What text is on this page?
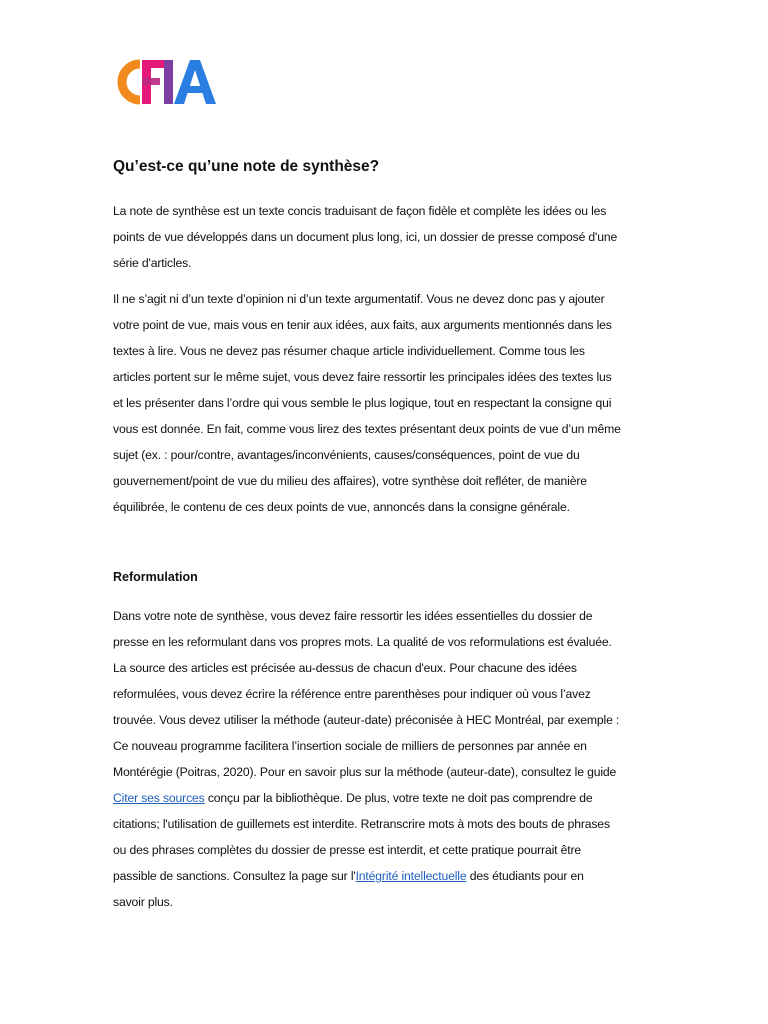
Qu’est-ce qu’une note de synthèse?

La note de synthèse est un texte concis traduisant de façon fidèle et complète les idées ou les

points de vue développés dans un document plus long, ici, un dossier de presse composé d'une

série d'articles.

Il ne s’agit ni d’un texte d’opinion ni d’un texte argumentatif. Vous ne devez donc pas y ajouter

votre point de vue, mais vous en tenir aux idées, aux faits, aux arguments mentionnés dans les

textes à lire. Vous ne devez pas résumer chaque article individuellement. Comme tous les

articles portent sur le même sujet, vous devez faire ressortir les principales idées des textes lus

et les présenter dans l’ordre qui vous semble le plus logique, tout en respectant la consigne qui

vous est donnée. En fait, comme vous lirez des textes présentant deux points de vue d’un même

sujet (ex. : pour/contre, avantages/inconvénients, causes/conséquences, point de vue du

gouvernement/point de vue du milieu des affaires), votre synthèse doit refléter, de manière

équilibrée, le contenu de ces deux points de vue, annoncés dans la consigne générale.

Reformulation

Dans votre note de synthèse, vous devez faire ressortir les idées essentielles du dossier de

presse en les reformulant dans vos propres mots. La qualité de vos reformulations est évaluée.

La source des articles est précisée au-dessus de chacun d'eux. Pour chacune des idées

reformulées, vous devez écrire la référence entre parenthèses pour indiquer où vous l’avez

trouvée. Vous devez utiliser la méthode (auteur-date) préconisée à HEC Montréal, par exemple :

Ce nouveau programme facilitera l’insertion sociale de milliers de personnes par année en

Montérégie (Poitras, 2020). Pour en savoir plus sur la méthode (auteur-date), consultez le guide

Citer ses sources conçu par la bibliothèque. De plus, votre texte ne doit pas comprendre de

citations; l'utilisation de guillemets est interdite. Retranscrire mots à mots des bouts de phrases

ou des phrases complètes du dossier de presse est interdit, et cette pratique pourrait être

passible de sanctions. Consultez la page sur l'Intégrité intellectuelle des étudiants pour en

savoir plus.
